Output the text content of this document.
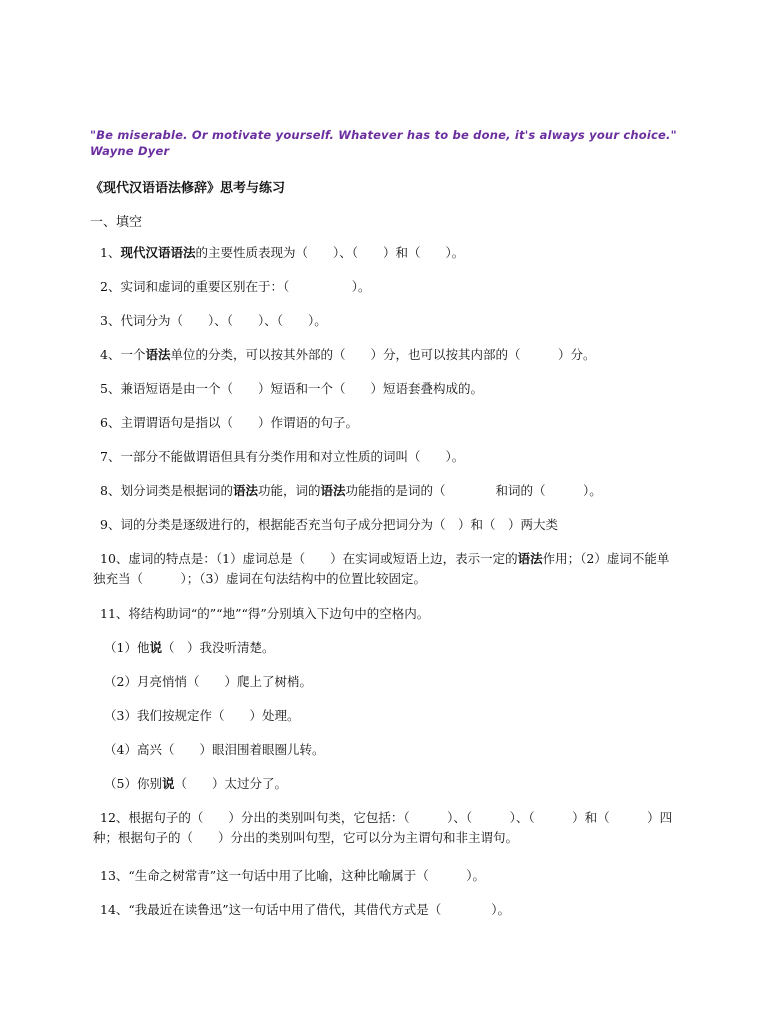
"Be miserable. Or motivate yourself. Whatever has to be done, it's always your choice."
Wayne Dyer
《现代汉语语法修辞》思考与练习
一、填空
1、现代汉语语法的主要性质表现为（　　）、（　　）和（　　）。
2、实词和虚词的重要区别在于：（　　　　　）。
3、代词分为（　　）、（　　）、（　　）。
4、一个语法单位的分类，可以按其外部的（　　）分，也可以按其内部的（　　　）分。
5、兼语短语是由一个（　　）短语和一个（　　）短语套叠构成的。
6、主谓谓语句是指以（　　）作谓语的句子。
7、一部分不能做谓语但具有分类作用和对立性质的词叫（　　）。
8、划分词类是根据词的语法功能，词的语法功能指的是词的（　　　　和词的（　　　）。
9、词的分类是逐级进行的，根据能否充当句子成分把词分为（　）和（　）两大类
10、虚词的特点是：（1）虚词总是（　　）在实词或短语上边，表示一定的语法作用；（2）虚词不能单独充当（　　　）；（3）虚词在句法结构中的位置比较固定。
11、将结构助词“的”“地”“得”分别填入下边句中的空格内。
（1）他说（　）我没听清楚。
（2）月亮悄悄（　　）爬上了树梢。
（3）我们按规定作（　　）处理。
（4）高兴（　　）眼泪围着眼圈儿转。
（5）你别说（　　）太过分了。
12、根据句子的（　　）分出的类别叫句类，它包括：（　　　）、（　　　）、（　　　）和（　　　）四种；根据句子的（　　）分出的类别叫句型，它可以分为主谓句和非主谓句。
13、“生命之树常青”这一句话中用了比喻，这种比喻属于（　　　）。
14、“我最近在读鲁迅”这一句话中用了借代，其借代方式是（　　　　）。
